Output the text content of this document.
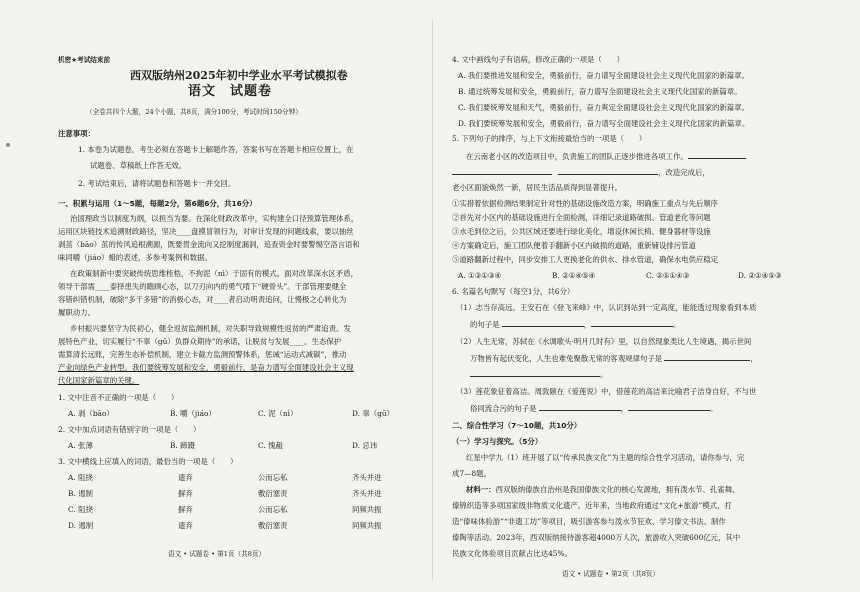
机密★考试结束前
西双版纳州2025年初中学业水平考试模拟卷
语文　试题卷
（全卷共四个大题，24个小题，共8页，满分100分，考试时间150分钟）
注意事项：
1. 本卷为试题卷，考生必须在答题卡上解题作答，答案书写在答题卡相应位置上，在
试题卷、草稿纸上作答无效。
2. 考试结束后，请将试题卷和答题卡一并交回。
一、积累与运用（1～5题，每题2分，第6题6分，共16分）
治国理政当以制度为纲，以担当为要。在深化财政改革中，实构建全口径预算管理体系，
运用区块链技术追溯财政路径，坚决____盘摸冒领行为，对审计发现的问题线索，要以抽丝
剥茧（bāo）茧的传风追根溯源，既要贯金流向又挖制度漏洞，追查资金时要警惕空洛言语和
味同嚼（jiáo）蜡的表述，多参考案例和数据。
在政策制新中要突破传统思维桎梏，不拘泥（nì）于固有的模式。面对改革深水区矛盾，
领导干部需____泰择患失的瞻顾心态，以刀刃向内的勇气啃下“硬骨头”。干部管理要健全
容错纠错机制，破除“多干多错”的消极心态，对____者启动明责追问，让慢极之心转化为
履职动力。
乡村振兴要坚守为民初心，健全返贫监测机制，对失职导致规模性返贫的严肃追责。发
展特色产业，切实履行“不辜（gū）负群众期待”的承诺，让脱贫与发展____。生态保护
需算清长远账，完善生态补偿机制，建立卡截方监测预警体系，惩诫“运动式减碳”，推动
产业向绿色产业转型。我们要统筹发展和安全，勇毅前行，是奋力谱写全面建设社会主义现
代化国家新篇章的关键。
1. 文中注音不正确的一项是（　　）
A. 剥（bāo）	B. 嚼（jiáo）	C. 泥（nì）	D. 辜（gū）
2. 文中加点词语有错别字的一项是（　　）
A. 张薄	B. 蹄蹑	C. 愧赧	D. 忌讳
3. 文中横线上应填入的词语，最恰当的一项是（　　）
A. 阻挠	遗弃	公而忘私	齐头并进
B. 遏制	摒弃	敷衍塞责	齐头并进
C. 阻挠	摒弃	公而忘私	同频共振
D. 遏制	遗弃	敷衍塞责	同频共振
语文 • 试题卷 • 第1页（共8页）
4. 文中画线句子有语病，修改正确的一项是（　　）
A. 我们要推进发展和安全，勇毅前行，奋力谱写全面建设社会主义现代化国家的新篇章。
B. 通过统筹发展和安全，勇毅前行，奋力谱写全面建设社会主义现代化国家的新篇章。
C. 我们要统筹发展和天气，勇毅前行，奋力爽定全面建设社会主义现代化国家的新篇章。
D. 我们要统筹发展和安全，勇毅前行，奋力谱写全面建设社会主义现代化国家的新篇章。
5. 下列句子的排序，与上下文衔接最恰当的一项是（　　）
在云南老小区的改造项目中，负责施工的团队正逐步推进各项工作。
，改造完成后，
老小区面貌焕然一新，居民生活品质得到显著提升。
①实措着依据检测结果制定针对性的基础设施改造方案，明确施工重点与先后顺序
②首先对小区内的基础设施进行全面检测，详细记录道路破损、管道老化等问题
③水毛到位之后，公共区域还要进行绿化美化，增设休闲长椅、健身器材等设施
④方案确定后，施工团队便着手翻新小区内破损的道路，重新铺设排污管道
⑤道路翻新过程中，同步安排工人更换老化的供水、排水管道，确保水电供应稳定
A. ①③①③④	B. ②①④⑤④	C. ②⑤①④③	D. ②①④⑤③
6. 名篇名句默写（每空1分，共6分）
（1）志当存高远。王安石在《登飞来峰》中，认识到站到一定高度，能能透过现象看到本质
的句子是	，	。
（2）人生无常，苏轼在《水调歌头·明月几时有》里，以自然现象类比人生境遇，揭示世间
万物皆有起伏变化，人生也难免聚散无常的客观规律句子是	，
。
（3）莲花象征着高洁。周敦颐在《爱莲说》中，借莲花的高洁来比喻君子洁身自好，不与世
俗同流合污的句子是	，	。
二、综合性学习（7～10题，共10分）
（一）学习与探究。（5分）
红星中学九（1）班开展了以“传承民族文化”为主题的综合性学习活动，请你参与，完
成7—8题。
材料一：西双版纳傣族自治州是我国傣族文化的核心发源地，拥有泼水节、孔雀舞、
傣锦织造等多项国家级非物质文化遗产。近年来，当地政府通过“文化+旅游”模式，打
造“傣味体验游”“非遗工坊”等项目，吸引游客参与泼水节狂欢、学习傣文书法、制作
傣陶等活动。2023年，西双版纳接待游客超4000万人次，旅游收入突破600亿元，其中
民族文化体验项目贡献占比达45%。
语文 • 试题卷 • 第2页（共8页）
